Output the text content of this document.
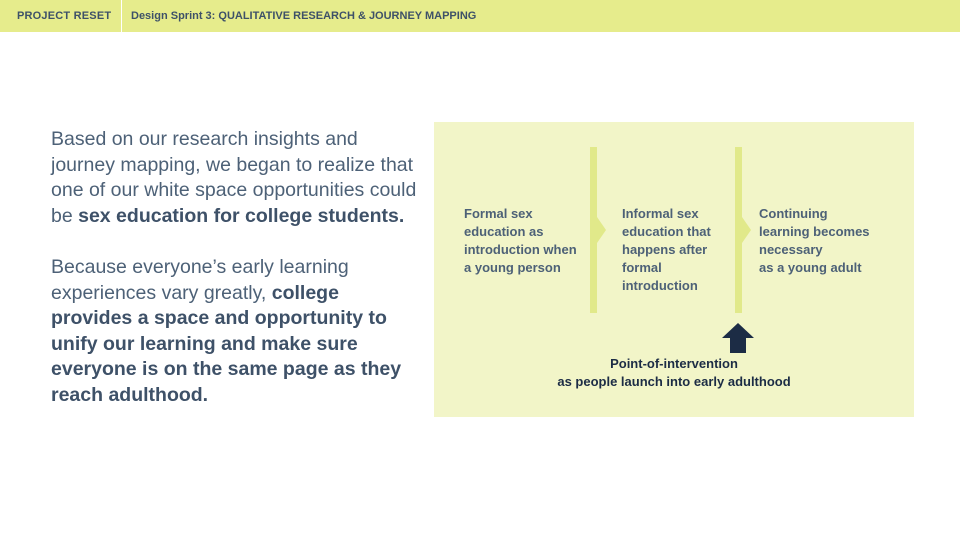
PROJECT RESET Design Sprint 3: QUALITATIVE RESEARCH & JOURNEY MAPPING

Based on our research insights and journey mapping, we began to realize that one of our white space opportunities could be sex education for college students.

Because everyone’s early learning experiences vary greatly, college provides a space and opportunity to unify our learning and make sure everyone is on the same page as they reach adulthood.

Formal sex
education as
introduction when
a young person
Informal sex
education that
happens after
formal
introduction
Continuing
learning becomes
necessary
as a young adult
Point-of-intervention
as people launch into early adulthood
